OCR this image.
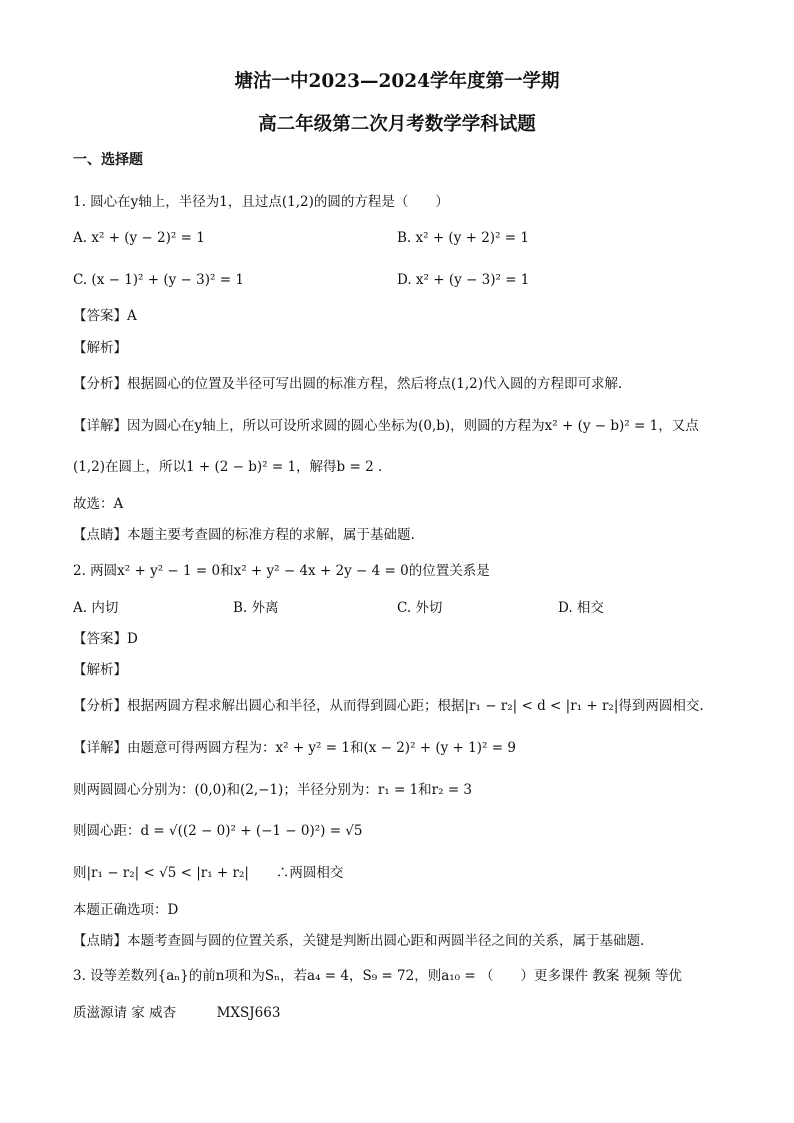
塘沽一中2023—2024学年度第一学期
高二年级第二次月考数学学科试题
一、选择题
1. 圆心在y轴上，半径为1，且过点(1,2)的圆的方程是（　　）
A. x² + (y − 2)² = 1	B. x² + (y + 2)² = 1
C. (x − 1)² + (y − 3)² = 1	D. x² + (y − 3)² = 1
【答案】A
【解析】
【分析】根据圆心的位置及半径可写出圆的标准方程，然后将点(1,2)代入圆的方程即可求解.
【详解】因为圆心在y轴上，所以可设所求圆的圆心坐标为(0,b)，则圆的方程为x² + (y − b)² = 1，又点
(1,2)在圆上，所以1 + (2 − b)² = 1，解得b = 2 .
故选：A
【点睛】本题主要考查圆的标准方程的求解，属于基础题.
2. 两圆x² + y² − 1 = 0和x² + y² − 4x + 2y − 4 = 0的位置关系是
A. 内切	B. 外离	C. 外切	D. 相交
【答案】D
【解析】
【分析】根据两圆方程求解出圆心和半径，从而得到圆心距；根据|r₁ − r₂| < d < |r₁ + r₂|得到两圆相交.
【详解】由题意可得两圆方程为：x² + y² = 1和(x − 2)² + (y + 1)² = 9
则两圆圆心分别为：(0,0)和(2,−1)；半径分别为：r₁ = 1和r₂ = 3
则圆心距：d = √((2 − 0)² + (−1 − 0)²) = √5
则|r₁ − r₂| < √5 < |r₁ + r₂|　　∴两圆相交
本题正确选项：D
【点睛】本题考查圆与圆的位置关系，关键是判断出圆心距和两圆半径之间的关系，属于基础题.
3. 设等差数列{aₙ}的前n项和为Sₙ，若a₄ = 4，S₉ = 72，则a₁₀ = （　　）更多课件 教案 视频 等优
质滋源请 家 威杏　　　MXSJ663
